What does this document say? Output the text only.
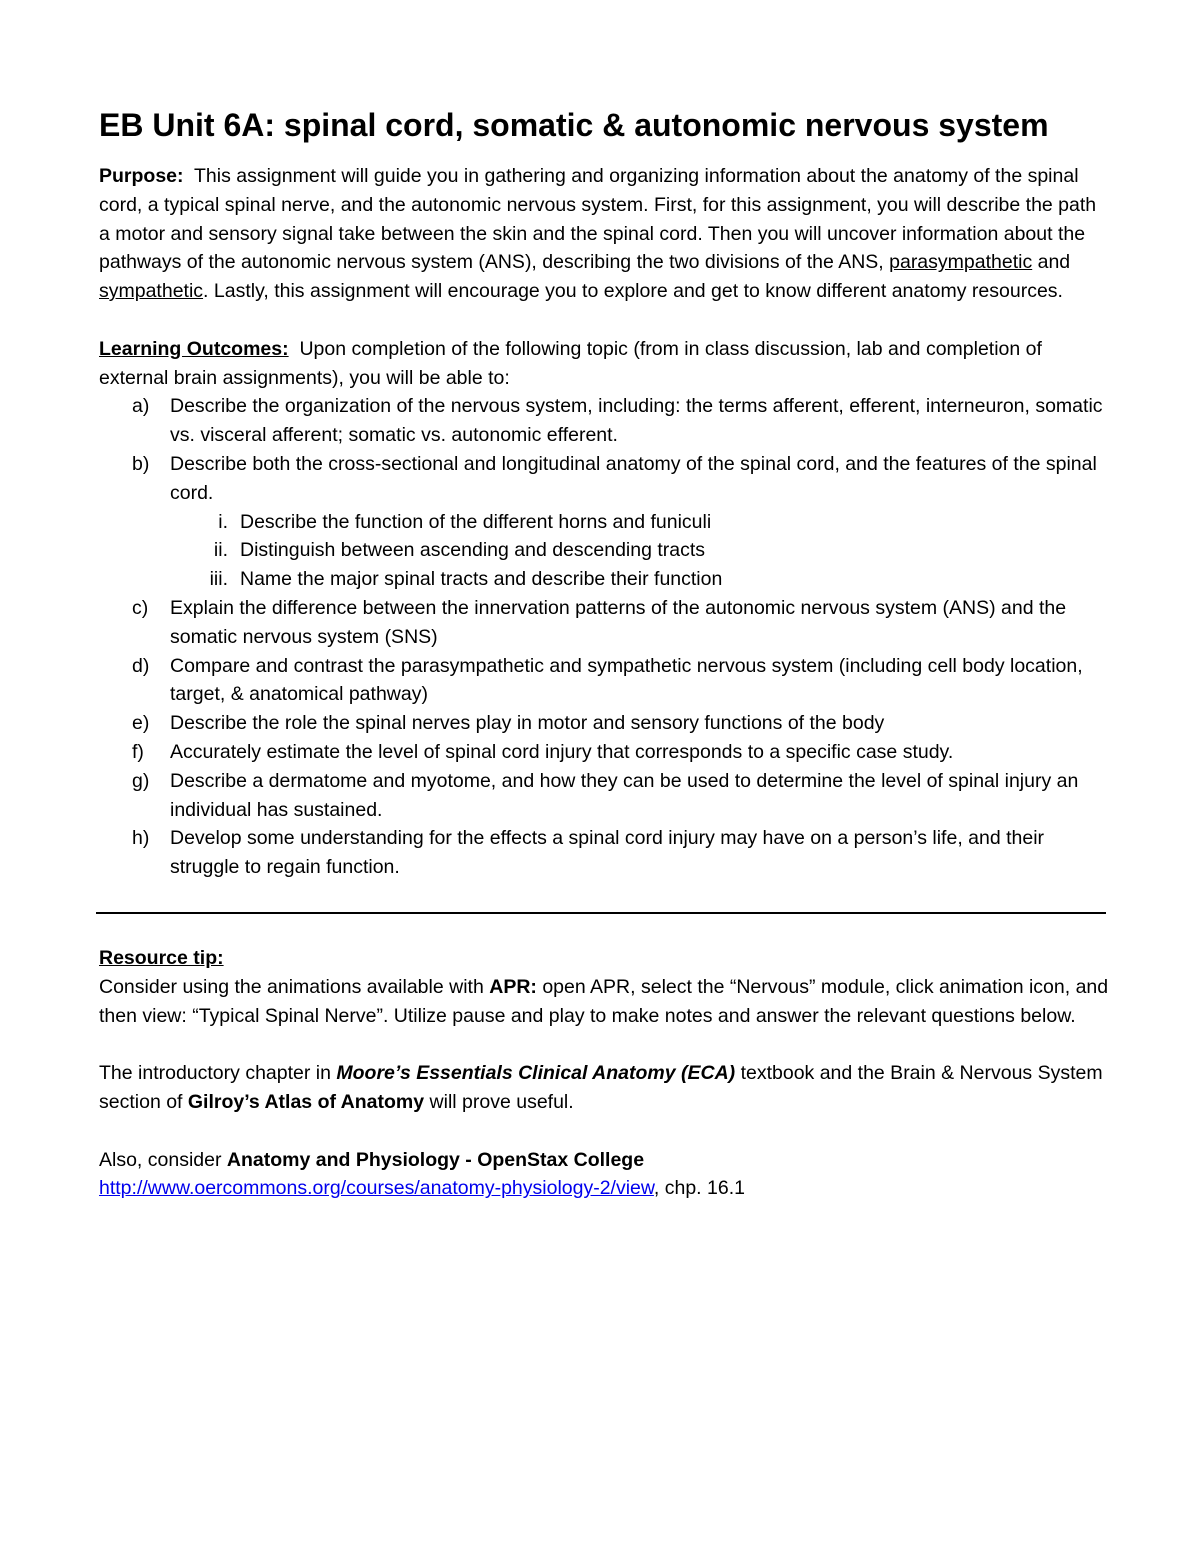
EB Unit 6A: spinal cord, somatic & autonomic nervous system

Purpose:  This assignment will guide you in gathering and organizing information about the anatomy of the spinal cord, a typical spinal nerve, and the autonomic nervous system. First, for this assignment, you will describe the path a motor and sensory signal take between the skin and the spinal cord. Then you will uncover information about the pathways of the autonomic nervous system (ANS), describing the two divisions of the ANS, parasympathetic and sympathetic. Lastly, this assignment will encourage you to explore and get to know different anatomy resources.

Learning Outcomes:  Upon completion of the following topic (from in class discussion, lab and completion of external brain assignments), you will be able to:

a) Describe the organization of the nervous system, including: the terms afferent, efferent, interneuron, somatic vs. visceral afferent; somatic vs. autonomic efferent.
b) Describe both the cross-sectional and longitudinal anatomy of the spinal cord, and the features of the spinal cord.
i. Describe the function of the different horns and funiculi
ii. Distinguish between ascending and descending tracts
iii. Name the major spinal tracts and describe their function
c) Explain the difference between the innervation patterns of the autonomic nervous system (ANS) and the somatic nervous system (SNS)
d) Compare and contrast the parasympathetic and sympathetic nervous system (including cell body location, target, & anatomical pathway)
e) Describe the role the spinal nerves play in motor and sensory functions of the body
f) Accurately estimate the level of spinal cord injury that corresponds to a specific case study.
g) Describe a dermatome and myotome, and how they can be used to determine the level of spinal injury an individual has sustained.
h) Develop some understanding for the effects a spinal cord injury may have on a person’s life, and their struggle to regain function.

Resource tip:

Consider using the animations available with APR: open APR, select the “Nervous” module, click animation icon, and then view: “Typical Spinal Nerve”. Utilize pause and play to make notes and answer the relevant questions below.

The introductory chapter in Moore’s Essentials Clinical Anatomy (ECA) textbook and the Brain & Nervous System section of Gilroy’s Atlas of Anatomy will prove useful.

Also, consider Anatomy and Physiology - OpenStax College

http://www.oercommons.org/courses/anatomy-physiology-2/view, chp. 16.1
